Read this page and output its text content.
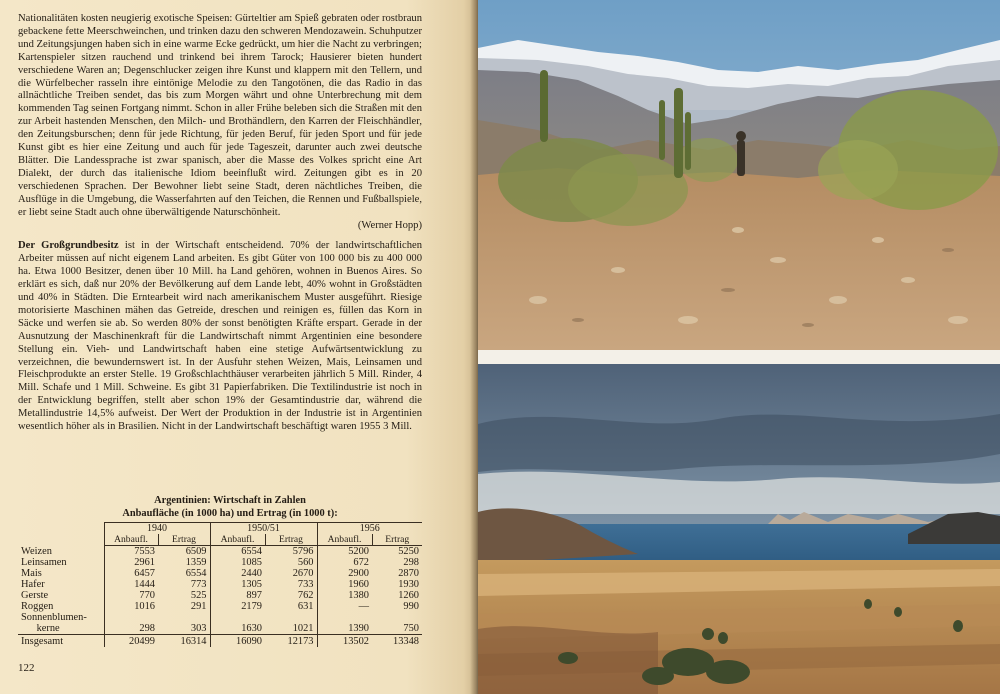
Nationalitäten kosten neugierig exotische Speisen: Gürteltier am Spieß gebraten oder rostbraun gebackene fette Meerschweinchen, und trinken dazu den schweren Mendozawein. Schuhputzer und Zeitungsjungen haben sich in eine warme Ecke gedrückt, um hier die Nacht zu verbringen; Kartenspieler sitzen rauchend und trinkend bei ihrem Tarock; Hausierer bieten hundert verschiedene Waren an; Degenschlucker zeigen ihre Kunst und klappern mit den Tellern, und die Würfelbecher rasseln ihre eintönige Melodie zu den Tangotönen, die das Radio in das allnächtliche Treiben sendet, das bis zum Morgen währt und ohne Unterbrechung mit dem kommenden Tag seinen Fortgang nimmt. Schon in aller Frühe beleben sich die Straßen mit den zur Arbeit hastenden Menschen, den Milch- und Brothändlern, den Karren der Fleischhändler, den Zeitungsburschen; denn für jede Richtung, für jeden Beruf, für jeden Sport und für jede Kunst gibt es hier eine Zeitung und auch für jede Tageszeit, darunter auch zwei deutsche Blätter. Die Landessprache ist zwar spanisch, aber die Masse des Volkes spricht eine Art Dialekt, der durch das italienische Idiom beeinflußt wird. Zeitungen gibt es in 20 verschiedenen Sprachen. Der Bewohner liebt seine Stadt, deren nächtliches Treiben, die Ausflüge in die Umgebung, die Wasserfahrten auf den Teichen, die Rennen und Fußballspiele, er liebt seine Stadt auch ohne überwältigende Naturschönheit.

(Werner Hopp)

Der Großgrundbesitz ist in der Wirtschaft entscheidend. 70% der landwirtschaftlichen Arbeiter müssen auf nicht eigenem Land arbeiten. Es gibt Güter von 100 000 bis zu 400 000 ha. Etwa 1000 Besitzer, denen über 10 Mill. ha Land gehören, wohnen in Buenos Aires. So erklärt es sich, daß nur 20% der Bevölkerung auf dem Lande lebt, 40% wohnt in Großstädten und 40% in Städten. Die Erntearbeit wird nach amerikanischem Muster ausgeführt. Riesige motorisierte Maschinen mähen das Getreide, dreschen und reinigen es, füllen das Korn in Säcke und werfen sie ab. So werden 80% der sonst benötigten Kräfte erspart. Gerade in der Ausnutzung der Maschinenkraft für die Landwirtschaft nimmt Argentinien eine besondere Stellung ein. Vieh- und Landwirtschaft haben eine stetige Aufwärtsentwicklung zu verzeichnen, die bewundernswert ist. In der Ausfuhr stehen Weizen, Mais, Leinsamen und Fleischprodukte an erster Stelle. 19 Großschlachthäuser verarbeiten jährlich 5 Mill. Rinder, 4 Mill. Schafe und 1 Mill. Schweine. Es gibt 31 Papierfabriken. Die Textilindustrie ist noch in der Entwicklung begriffen, stellt aber schon 19% der Gesamtindustrie dar, während die Metallindustrie 14,5% aufweist. Der Wert der Produktion in der Industrie ist in Argentinien wesentlich höher als in Brasilien. Nicht in der Landwirtschaft beschäftigt waren 1955 3 Mill.

Argentinien: Wirtschaft in Zahlen
Anbaufläche (in 1000 ha) und Ertrag (in 1000 t):
	1940		1950/51		1956	
	Anbaufl.	Ertrag	Anbaufl.	Ertrag	Anbaufl.	Ertrag
Weizen	7553	6509	6554	5796	5200	5250
Leinsamen	2961	1359	1085	560	672	298
Mais	6457	6554	2440	2670	2900	2870
Hafer	1444	773	1305	733	1960	1930
Gerste	770	525	897	762	1380	1260
Roggen	1016	291	2179	631	—	990
Sonnenblumen-
kerne	298	303	1630	1021	1390	750
Insgesamt	20499	16314	16090	12173	13502	13348
122
